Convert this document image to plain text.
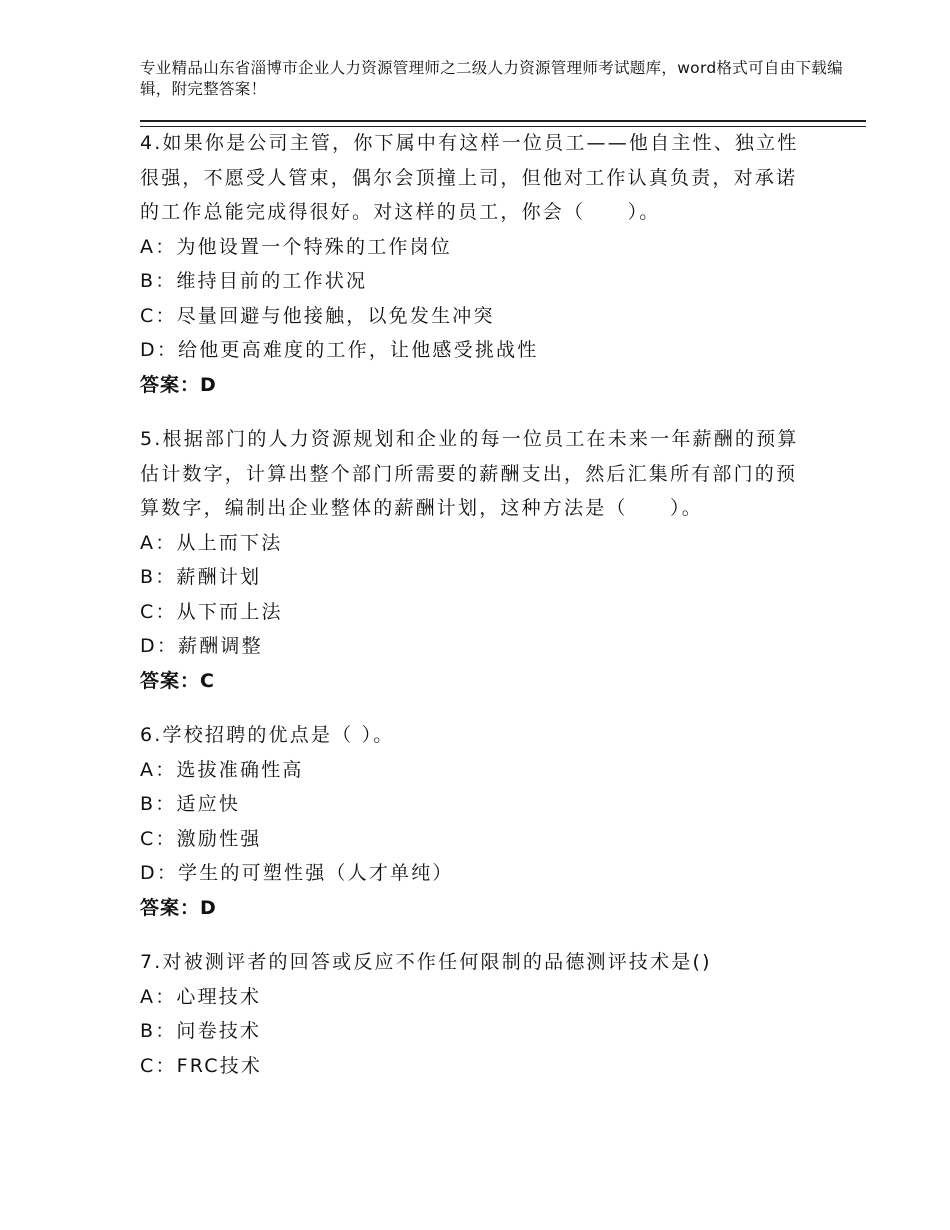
专业精品山东省淄博市企业人力资源管理师之二级人力资源管理师考试题库，word格式可自由下载编辑，附完整答案！

4.如果你是公司主管，你下属中有这样一位员工——他自主性、独立性很强，不愿受人管束，偶尔会顶撞上司，但他对工作认真负责，对承诺的工作总能完成得很好。对这样的员工，你会（　　）。

A：为他设置一个特殊的工作岗位

B：维持目前的工作状况

C：尽量回避与他接触，以免发生冲突

D：给他更高难度的工作，让他感受挑战性

答案：D

5.根据部门的人力资源规划和企业的每一位员工在未来一年薪酬的预算估计数字，计算出整个部门所需要的薪酬支出，然后汇集所有部门的预算数字，编制出企业整体的薪酬计划，这种方法是（　　）。

A：从上而下法

B：薪酬计划

C：从下而上法

D：薪酬调整

答案：C

6.学校招聘的优点是（ ）。

A：选拔准确性高

B：适应快

C：激励性强

D：学生的可塑性强（人才单纯）

答案：D

7.对被测评者的回答或反应不作任何限制的品德测评技术是()

A：心理技术

B：问卷技术

C：FRC技术
